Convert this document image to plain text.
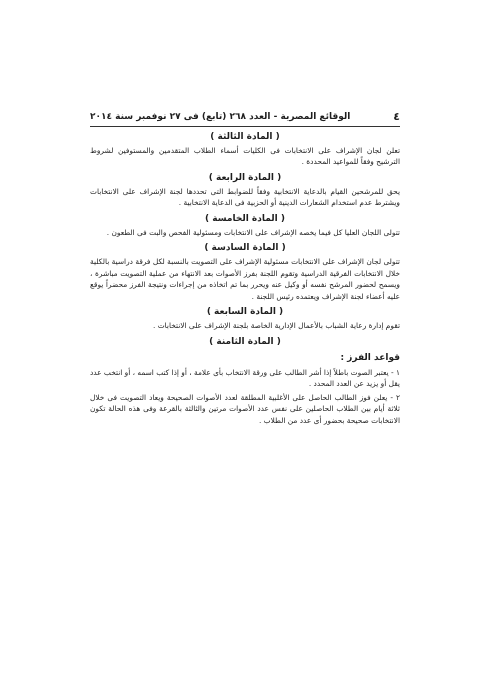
٤
الوقائع المصرية - العدد ٢٦٨ (تابع) فى ٢٧ نوفمبر سنة ٢٠١٤
( المادة الثالثة )
تعلن لجان الإشراف على الانتخابات فى الكليات أسماء الطلاب المتقدمين والمستوفين لشروط الترشيح وفقاً للمواعيد المحددة .
( المادة الرابعة )
يحق للمرشحين القيام بالدعاية الانتخابية وفقاً للضوابط التى تحددها لجنة الإشراف على الانتخابات ويشترط عدم استخدام الشعارات الدينية أو الحزبية فى الدعاية الانتخابية .
( المادة الخامسة )
تتولى اللجان العليا كل فيما يخصه الإشراف على الانتخابات ومسئولية الفحص والبت فى الطعون .
( المادة السادسة )
تتولى لجان الإشراف على الانتخابات مسئولية الإشراف على التصويت بالنسبة لكل فرقة دراسية بالكلية خلال الانتخابات الفرقية الدراسية وتقوم اللجنة بفرز الأصوات بعد الانتهاء من عملية التصويت مباشرة ، ويسمح لحضور المرشح نفسه أو وكيل عنه ويحرر بما تم اتخاذه من إجراءات ونتيجة الفرز محضراً يوقع عليه أعضاء لجنة الإشراف ويعتمده رئيس اللجنة .
( المادة السابعة )
تقوم إدارة رعاية الشباب بالأعمال الإدارية الخاصة بلجنة الإشراف على الانتخابات .
( المادة الثامنة )
قواعد الفرز :
١ - يعتبر الصوت باطلاً إذا أشر الطالب على ورقة الانتخاب بأى علامة ، أو إذا كتب اسمه ، أو انتخب عدد يقل أو يزيد عن العدد المحدد .
٢ - يعلن فوز الطالب الحاصل على الأغلبية المطلقة لعدد الأصوات الصحيحة ويعاد التصويت فى خلال ثلاثة أيام بين الطلاب الحاصلين على نفس عدد الأصوات مرتين والثالثة بالقرعة وفى هذه الحالة تكون الانتخابات صحيحة بحضور أى عدد من الطلاب .
